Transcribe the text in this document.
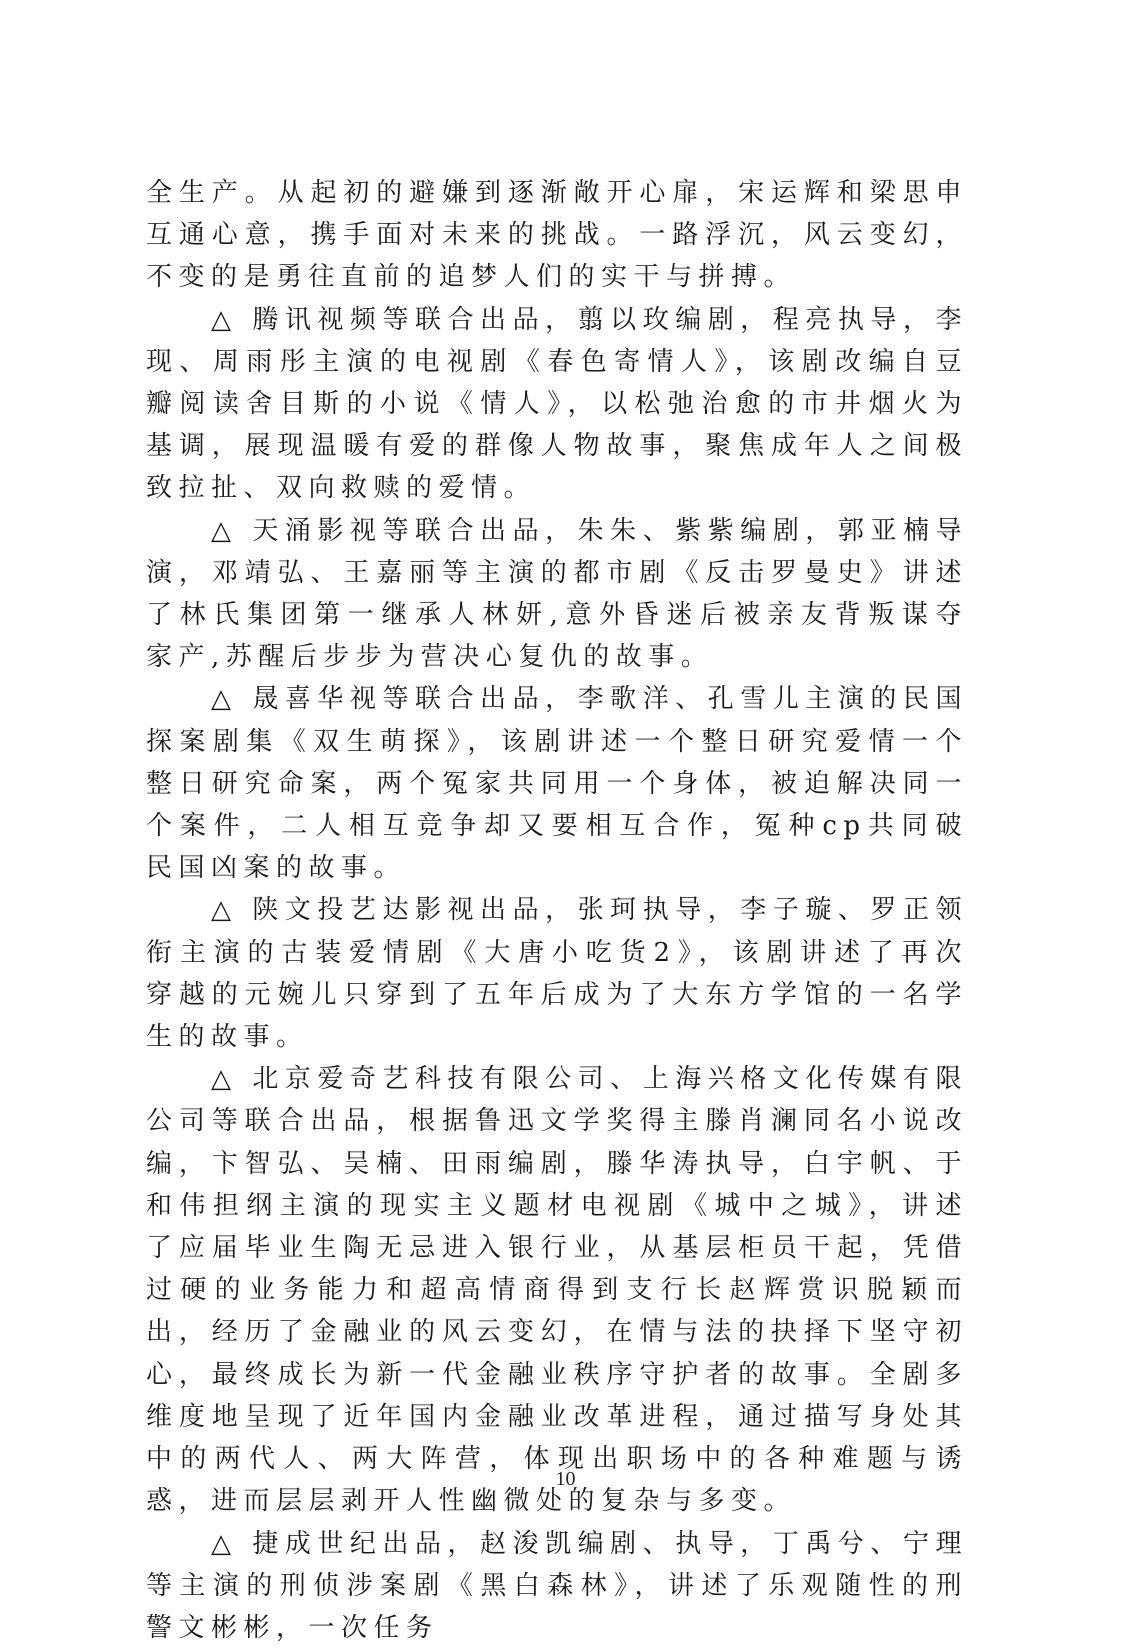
全生产。从起初的避嫌到逐渐敞开心扉，宋运辉和梁思申互通心意，携手面对未来的挑战。一路浮沉，风云变幻，不变的是勇往直前的追梦人们的实干与拼搏。

△ 腾讯视频等联合出品，翦以玫编剧，程亮执导，李现、周雨彤主演的电视剧《春色寄情人》，该剧改编自豆瓣阅读舍目斯的小说《情人》，以松弛治愈的市井烟火为基调，展现温暖有爱的群像人物故事，聚焦成年人之间极致拉扯、双向救赎的爱情。

△ 天涌影视等联合出品，朱朱、紫紫编剧，郭亚楠导演，邓靖弘、王嘉丽等主演的都市剧《反击罗曼史》讲述了林氏集团第一继承人林妍,意外昏迷后被亲友背叛谋夺家产,苏醒后步步为营决心复仇的故事。

△ 晟喜华视等联合出品，李歌洋、孔雪儿主演的民国探案剧集《双生萌探》，该剧讲述一个整日研究爱情一个整日研究命案，两个冤家共同用一个身体，被迫解决同一个案件，二人相互竞争却又要相互合作，冤种cp共同破民国凶案的故事。

△ 陕文投艺达影视出品，张珂执导，李子璇、罗正领衔主演的古装爱情剧《大唐小吃货2》，该剧讲述了再次穿越的元婉儿只穿到了五年后成为了大东方学馆的一名学生的故事。

△ 北京爱奇艺科技有限公司、上海兴格文化传媒有限公司等联合出品，根据鲁迅文学奖得主滕肖澜同名小说改编，卞智弘、吴楠、田雨编剧，滕华涛执导，白宇帆、于和伟担纲主演的现实主义题材电视剧《城中之城》，讲述了应届毕业生陶无忌进入银行业，从基层柜员干起，凭借过硬的业务能力和超高情商得到支行长赵辉赏识脱颖而出，经历了金融业的风云变幻，在情与法的抉择下坚守初心，最终成长为新一代金融业秩序守护者的故事。全剧多维度地呈现了近年国内金融业改革进程，通过描写身处其中的两代人、两大阵营，体现出职场中的各种难题与诱惑，进而层层剥开人性幽微处的复杂与多变。

△ 捷成世纪出品，赵浚凯编剧、执导，丁禹兮、宁理等主演的刑侦涉案剧《黑白森林》，讲述了乐观随性的刑警文彬彬，一次任务

10
